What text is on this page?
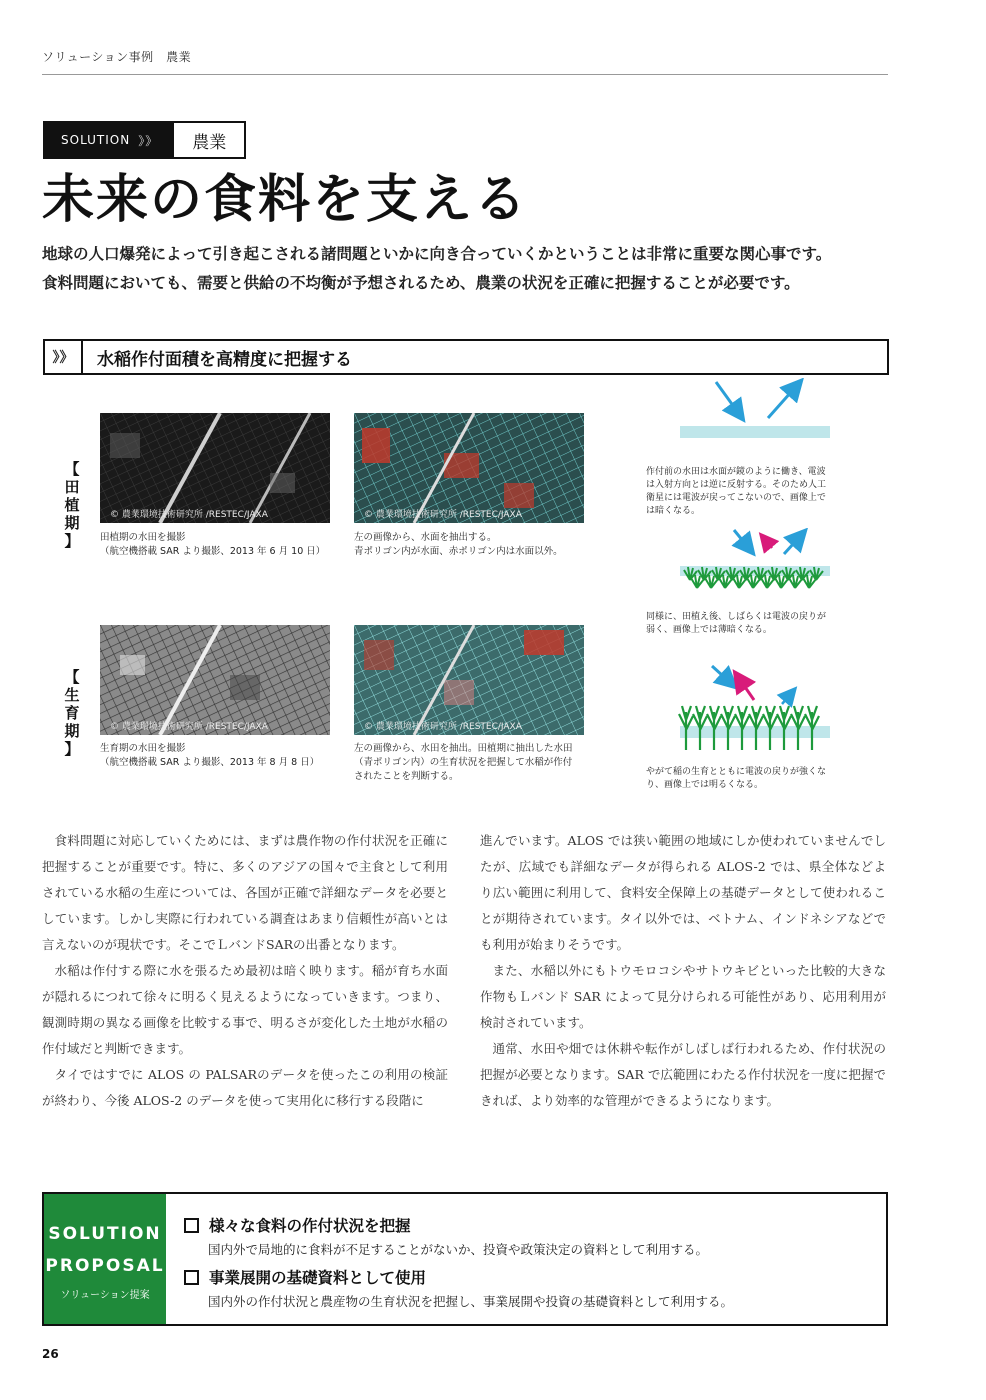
ソリューション事例　農業
SOLUTION 》》	農業
未来の食料を支える
地球の人口爆発によって引き起こされる諸問題といかに向き合っていくかということは非常に重要な関心事です。
食料問題においても、需要と供給の不均衡が予想されるため、農業の状況を正確に把握することが必要です。
》》	水稲作付面積を高精度に把握する
【
田
植
期
】
© 農業環境技術研究所 /RESTEC/JAXA	© 農業環境技術研究所 /RESTEC/JAXA
田植期の水田を撮影
（航空機搭載 SAR より撮影、2013 年 6 月 10 日）
左の画像から、水面を抽出する。
青ポリゴン内が水面、赤ポリゴン内は水面以外。
【
生
育
期
】
© 農業環境技術研究所 /RESTEC/JAXA	© 農業環境技術研究所 /RESTEC/JAXA
生育期の水田を撮影
（航空機搭載 SAR より撮影、2013 年 8 月 8 日）
左の画像から、水田を抽出。田植期に抽出した水田
（青ポリゴン内）の生育状況を把握して水稲が作付
されたことを判断する。
作付前の水田は水面が鏡のように働き、電波
は入射方向とは逆に反射する。そのため人工
衛星には電波が戻ってこないので、画像上で
は暗くなる。
同様に、田植え後、しばらくは電波の戻りが
弱く、画像上では薄暗くなる。
やがて稲の生育とともに電波の戻りが強くな
り、画像上では明るくなる。

食料問題に対応していくためには、まずは農作物の作付状況を正確に把握することが重要です。特に、多くのアジアの国々で主食として利用されている水稲の生産については、各国が正確で詳細なデータを必要としています。しかし実際に行われている調査はあまり信頼性が高いとは言えないのが現状です。そこでＬバンドSARの出番となります。

水稲は作付する際に水を張るため最初は暗く映ります。稲が育ち水面が隠れるにつれて徐々に明るく見えるようになっていきます。つまり、観測時期の異なる画像を比較する事で、明るさが変化した土地が水稲の作付域だと判断できます。

タイではすでに ALOS の PALSARのデータを使ったこの利用の検証が終わり、今後 ALOS-2 のデータを使って実用化に移行する段階に

進んでいます。ALOS では狭い範囲の地域にしか使われていませんでしたが、広域でも詳細なデータが得られる ALOS-2 では、県全体などより広い範囲に利用して、食料安全保障上の基礎データとして使われることが期待されています。タイ以外では、ベトナム、インドネシアなどでも利用が始まりそうです。

また、水稲以外にもトウモロコシやサトウキビといった比較的大きな作物もＬバンド SAR によって見分けられる可能性があり、応用利用が検討されています。

通常、水田や畑では休耕や転作がしばしば行われるため、作付状況の把握が必要となります。SAR で広範囲にわたる作付状況を一度に把握できれば、より効率的な管理ができるようになります。

SOLUTION
PROPOSAL
ソリューション提案
様々な食料の作付状況を把握
国内外で局地的に食料が不足することがないか、投資や政策決定の資料として利用する。
事業展開の基礎資料として使用
国内外の作付状況と農産物の生育状況を把握し、事業展開や投資の基礎資料として利用する。
26
